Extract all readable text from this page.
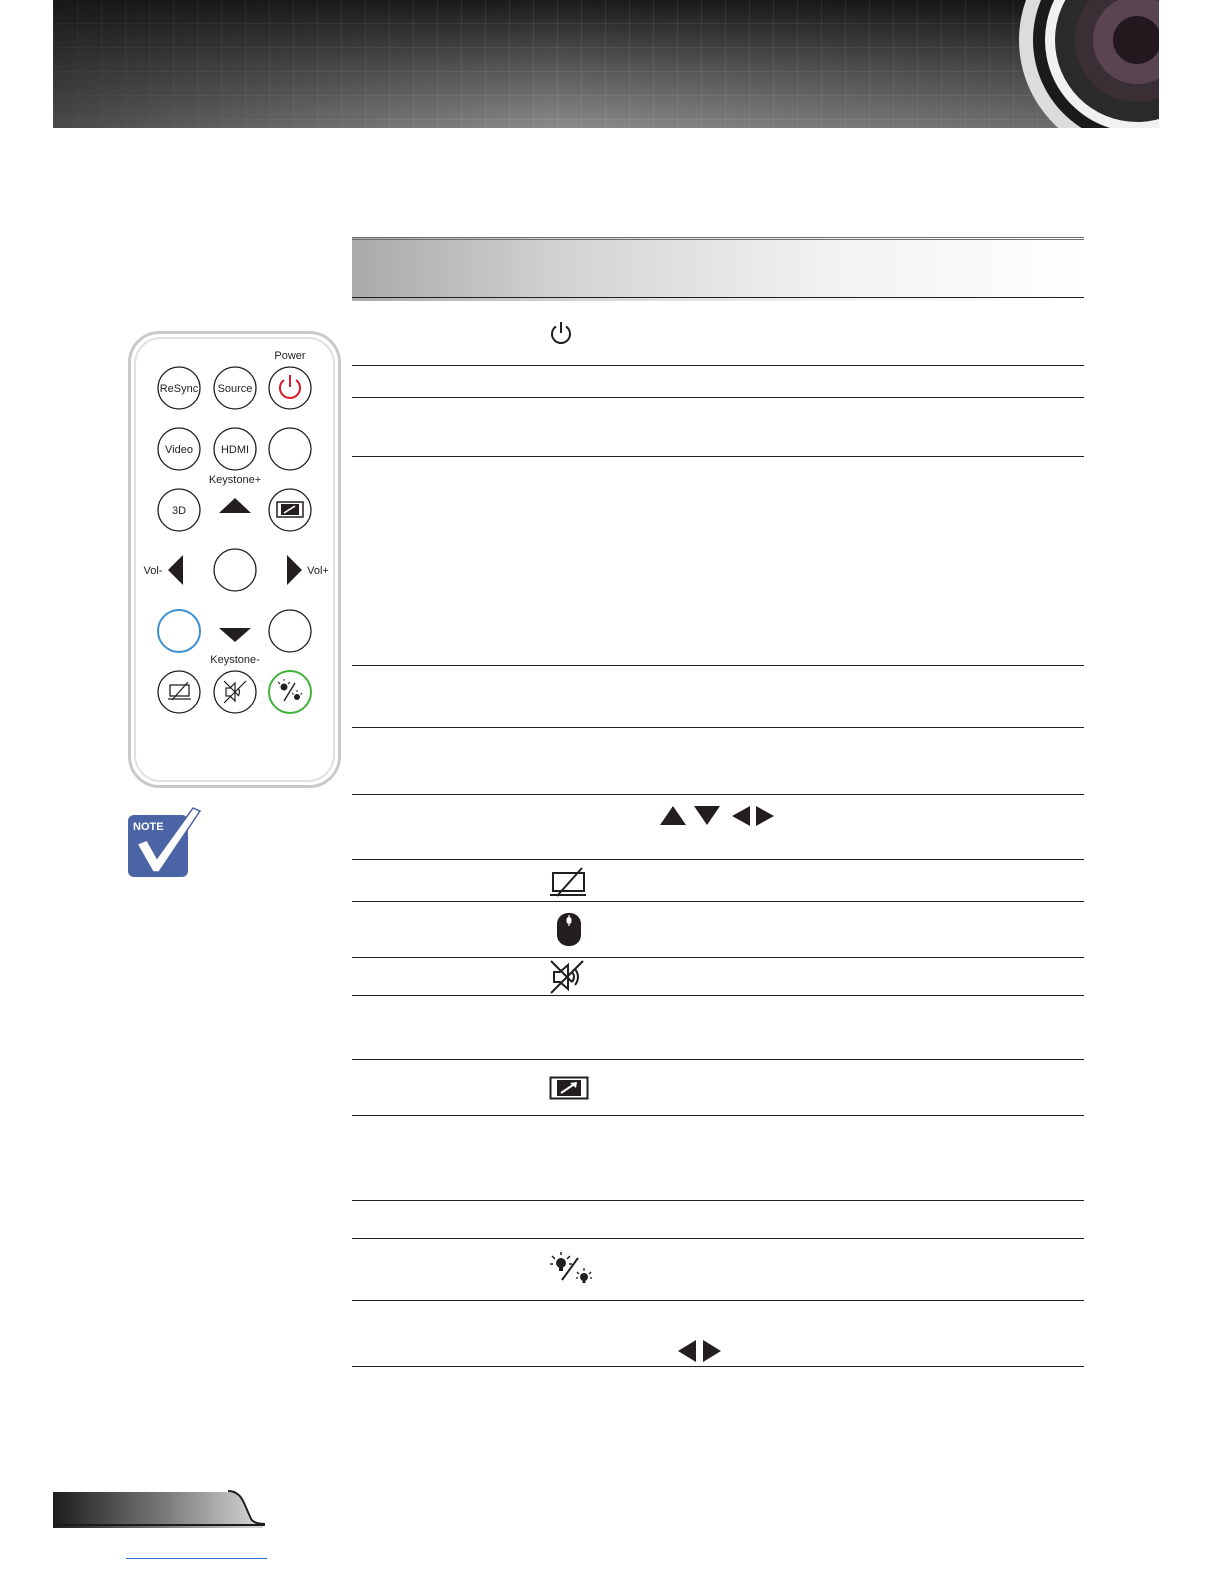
Power
ReSync Source
Video	HDMI
Keystone+
3D
Vol-	Vol+
Keystone-
NOTE
